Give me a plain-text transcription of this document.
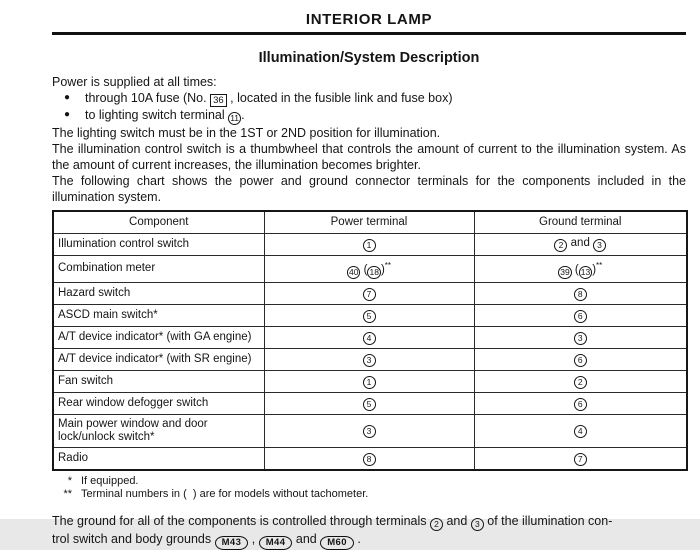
INTERIOR LAMP
Illumination/System Description

Power is supplied at all times:

●	through 10A fuse (No. 36 , located in the fusible link and fuse box)
●	to lighting switch terminal 11 .

The lighting switch must be in the 1ST or 2ND position for illumination.

The illumination control switch is a thumbwheel that controls the amount of current to the illumination system. As the amount of current increases, the illumination becomes brighter.

The following chart shows the power and ground connector terminals for the components included in the illumination system.

Component	Power terminal	Ground terminal
Illumination control switch	1	2 and 3
Combination meter	40 ( 18 )**	39 ( 13 )**
Hazard switch	7	8
ASCD main switch*	5	6
A/T device indicator* (with GA engine)	4	3
A/T device indicator* (with SR engine)	3	6
Fan switch	1	2
Rear window defogger switch	5	6
Main power window and door lock/unlock switch*	3	4
Radio	8	7
* If equipped.
** Terminal numbers in (  ) are for models without tachometer.

The ground for all of the components is controlled through terminals 2 and 3 of the illumination con-
trol switch and body grounds M43 , M44 and M60 .
